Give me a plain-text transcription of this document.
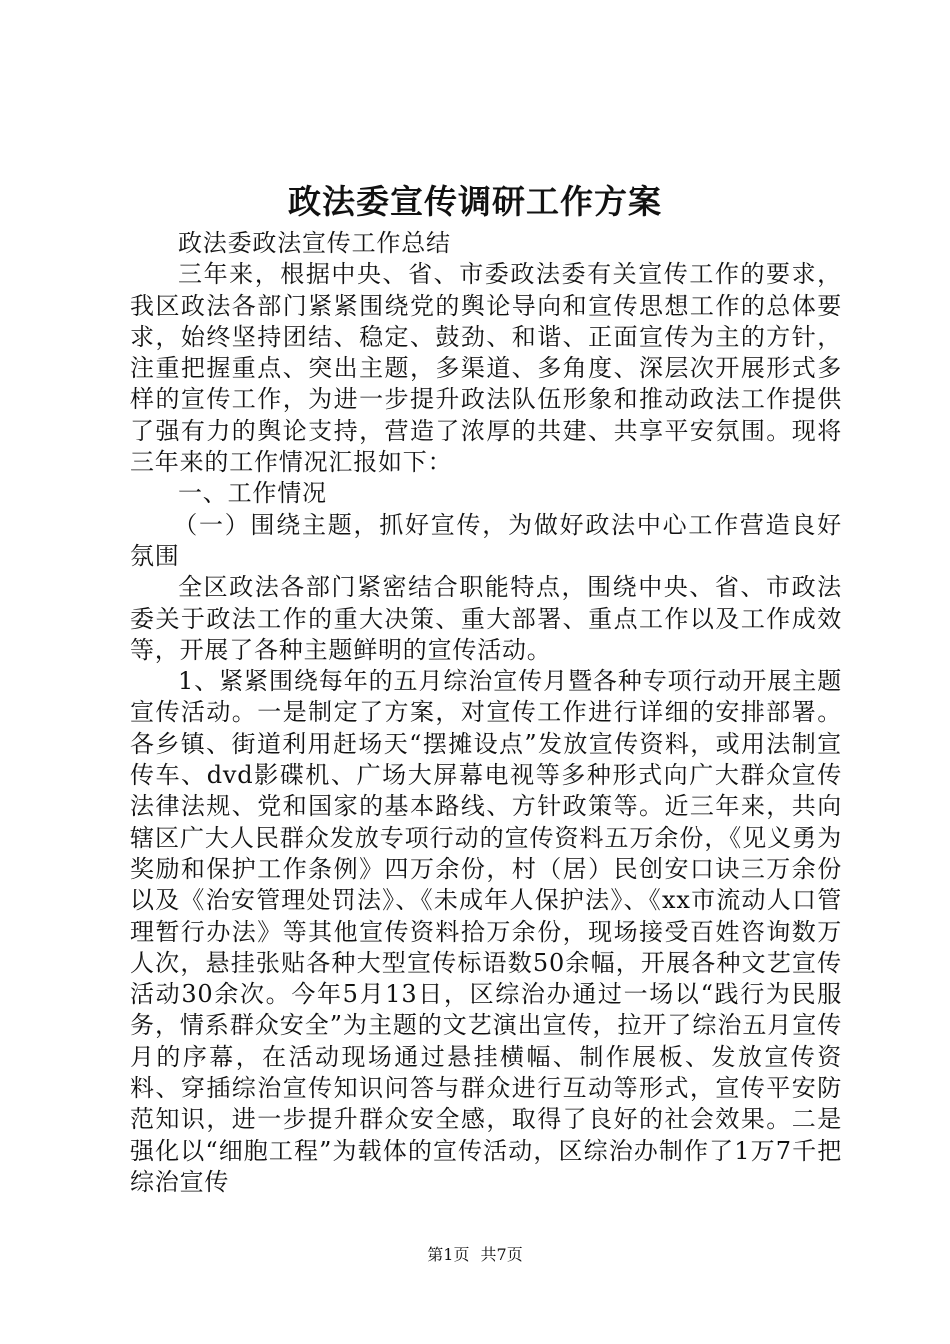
政法委宣传调研工作方案

政法委政法宣传工作总结

三年来，根据中央、省、市委政法委有关宣传工作的要求，我区政法各部门紧紧围绕党的舆论导向和宣传思想工作的总体要求，始终坚持团结、稳定、鼓劲、和谐、正面宣传为主的方针，注重把握重点、突出主题，多渠道、多角度、深层次开展形式多样的宣传工作，为进一步提升政法队伍形象和推动政法工作提供了强有力的舆论支持，营造了浓厚的共建、共享平安氛围。现将三年来的工作情况汇报如下：

一、工作情况

（一）围绕主题，抓好宣传，为做好政法中心工作营造良好氛围

全区政法各部门紧密结合职能特点，围绕中央、省、市政法委关于政法工作的重大决策、重大部署、重点工作以及工作成效等，开展了各种主题鲜明的宣传活动。

1、紧紧围绕每年的五月综治宣传月暨各种专项行动开展主题宣传活动。一是制定了方案，对宣传工作进行详细的安排部署。各乡镇、街道利用赶场天“摆摊设点”发放宣传资料，或用法制宣传车、dvd影碟机、广场大屏幕电视等多种形式向广大群众宣传法律法规、党和国家的基本路线、方针政策等。近三年来，共向辖区广大人民群众发放专项行动的宣传资料五万余份，《见义勇为奖励和保护工作条例》四万余份，村（居）民创安口诀三万余份以及《治安管理处罚法》、《未成年人保护法》、《xx市流动人口管理暂行办法》等其他宣传资料拾万余份，现场接受百姓咨询数万人次，悬挂张贴各种大型宣传标语数50余幅，开展各种文艺宣传活动30余次。今年5月13日，区综治办通过一场以“践行为民服务，情系群众安全”为主题的文艺演出宣传，拉开了综治五月宣传月的序幕，在活动现场通过悬挂横幅、制作展板、发放宣传资料、穿插综治宣传知识问答与群众进行互动等形式，宣传平安防范知识，进一步提升群众安全感，取得了良好的社会效果。二是强化以“细胞工程”为载体的宣传活动，区综治办制作了1万7千把综治宣传

第1页 共7页
